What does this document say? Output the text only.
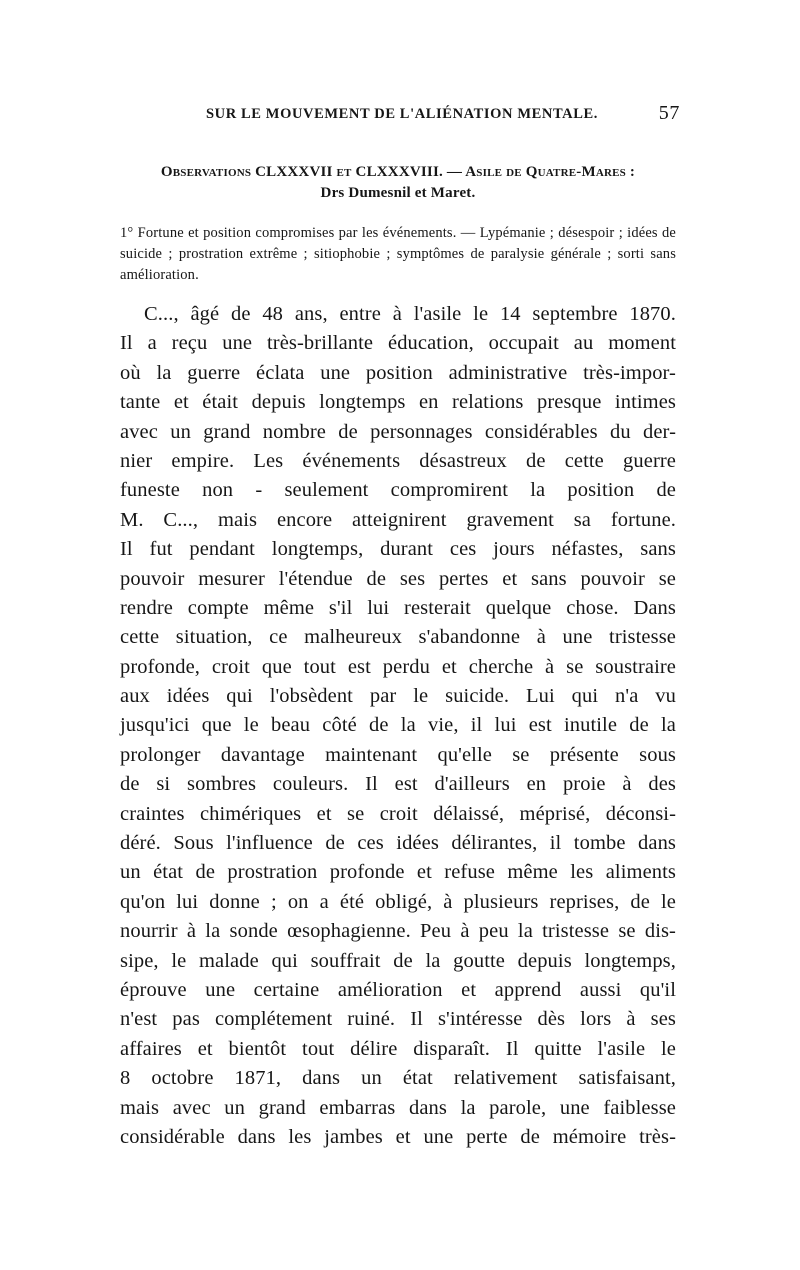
SUR LE MOUVEMENT DE L'ALIÉNATION MENTALE.	57
Observations CLXXXVII et CLXXXVIII. — Asile de Quatre-Mares :
Drs Dumesnil et Maret.
1° Fortune et position compromises par les événements. — Lypémanie ; désespoir ; idées de suicide ; prostration extrême ; sitiophobie ; symptômes de paralysie générale ; sorti sans amélioration.
C..., âgé de 48 ans, entre à l'asile le 14 septembre 1870.
Il a reçu une très-brillante éducation, occupait au moment
où la guerre éclata une position administrative très-impor-
tante et était depuis longtemps en relations presque intimes
avec un grand nombre de personnages considérables du der-
nier empire. Les événements désastreux de cette guerre
funeste non - seulement compromirent la position de
M. C..., mais encore atteignirent gravement sa fortune.
Il fut pendant longtemps, durant ces jours néfastes, sans
pouvoir mesurer l'étendue de ses pertes et sans pouvoir se
rendre compte même s'il lui resterait quelque chose. Dans
cette situation, ce malheureux s'abandonne à une tristesse
profonde, croit que tout est perdu et cherche à se soustraire
aux idées qui l'obsèdent par le suicide. Lui qui n'a vu
jusqu'ici que le beau côté de la vie, il lui est inutile de la
prolonger davantage maintenant qu'elle se présente sous
de si sombres couleurs. Il est d'ailleurs en proie à des
craintes chimériques et se croit délaissé, méprisé, déconsi-
déré. Sous l'influence de ces idées délirantes, il tombe dans
un état de prostration profonde et refuse même les aliments
qu'on lui donne ; on a été obligé, à plusieurs reprises, de le
nourrir à la sonde œsophagienne. Peu à peu la tristesse se dis-
sipe, le malade qui souffrait de la goutte depuis longtemps,
éprouve une certaine amélioration et apprend aussi qu'il
n'est pas complétement ruiné. Il s'intéresse dès lors à ses
affaires et bientôt tout délire disparaît. Il quitte l'asile le
8 octobre 1871, dans un état relativement satisfaisant,
mais avec un grand embarras dans la parole, une faiblesse
considérable dans les jambes et une perte de mémoire très-
